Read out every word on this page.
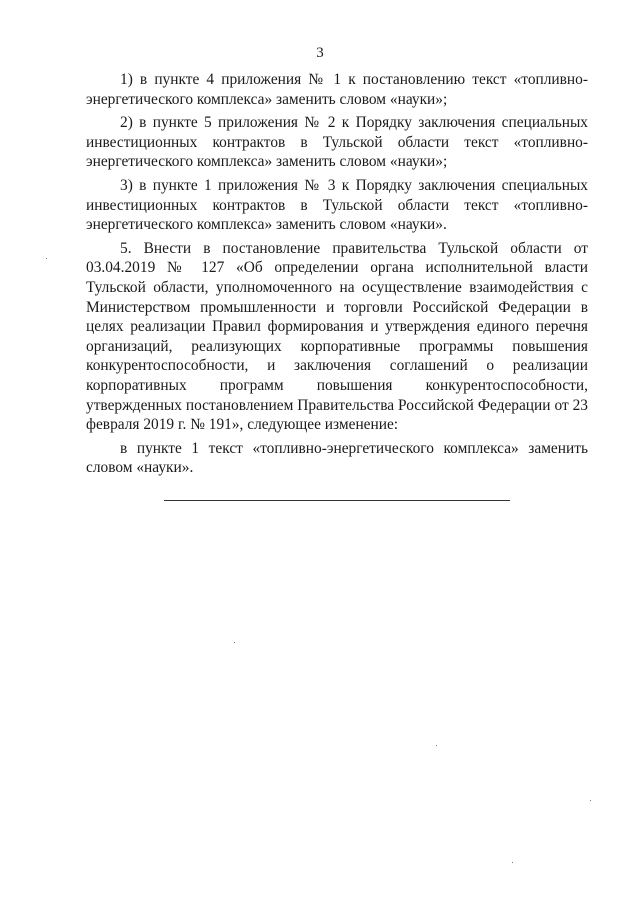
3

1) в пункте 4 приложения № 1 к постановлению текст «топливно-энергетического комплекса» заменить словом «науки»;

2) в пункте 5 приложения № 2 к Порядку заключения специальных инвестиционных контрактов в Тульской области текст «топливно-энергетического комплекса» заменить словом «науки»;

3) в пункте 1 приложения № 3 к Порядку заключения специальных инвестиционных контрактов в Тульской области текст «топливно-энергетического комплекса» заменить словом «науки».

5. Внести в постановление правительства Тульской области от 03.04.2019 № 127 «Об определении органа исполнительной власти Тульской области, уполномоченного на осуществление взаимодействия с Министерством промышленности и торговли Российской Федерации в целях реализации Правил формирования и утверждения единого перечня организаций, реализующих корпоративные программы повышения конкурентоспособности, и заключения соглашений о реализации корпоративных программ повышения конкурентоспособности, утвержденных постановлением Правительства Российской Федерации от 23 февраля 2019 г. № 191», следующее изменение:

в пункте 1 текст «топливно-энергетического комплекса» заменить словом «науки».
